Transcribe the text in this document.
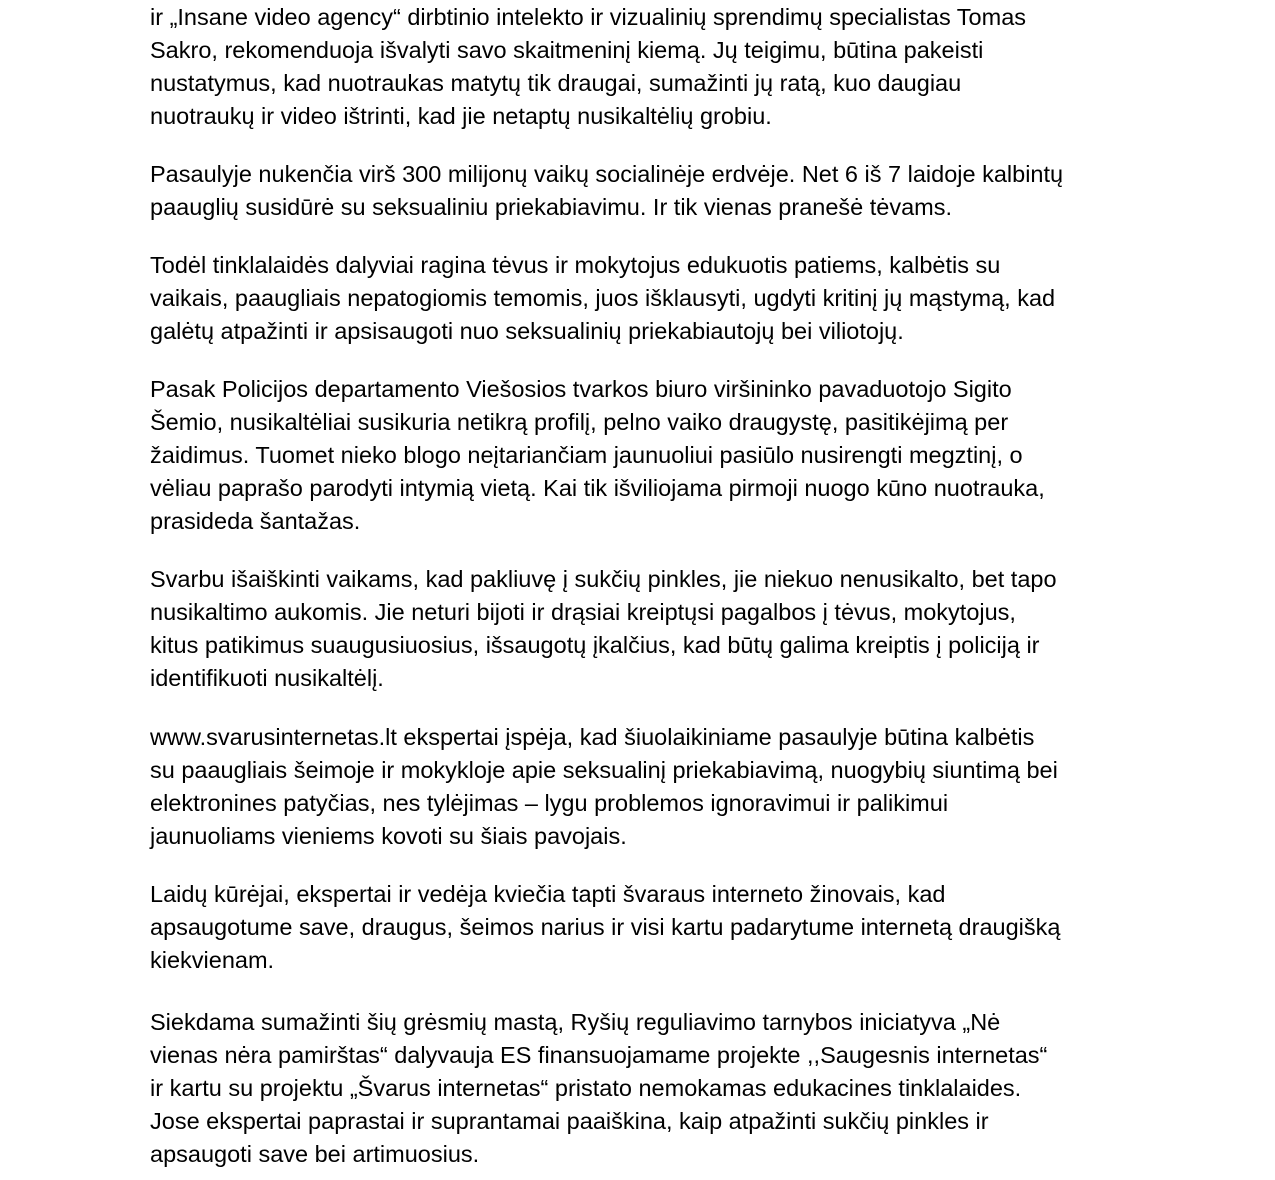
ir „Insane video agency“ dirbtinio intelekto ir vizualinių sprendimų specialistas Tomas
Sakro, rekomenduoja išvalyti savo skaitmeninį kiemą. Jų teigimu, būtina pakeisti
nustatymus, kad nuotraukas matytų tik draugai, sumažinti jų ratą, kuo daugiau
nuotraukų ir video ištrinti, kad jie netaptų nusikaltėlių grobiu.

Pasaulyje nukenčia virš 300 milijonų vaikų socialinėje erdvėje. Net 6 iš 7 laidoje kalbintų
paauglių susidūrė su seksualiniu priekabiavimu. Ir tik vienas pranešė tėvams.

Todėl tinklalaidės dalyviai ragina tėvus ir mokytojus edukuotis patiems, kalbėtis su
vaikais, paaugliais nepatogiomis temomis, juos išklausyti, ugdyti kritinį jų mąstymą, kad
galėtų atpažinti ir apsisaugoti nuo seksualinių priekabiautojų bei viliotojų.

Pasak Policijos departamento Viešosios tvarkos biuro viršininko pavaduotojo Sigito
Šemio, nusikaltėliai susikuria netikrą profilį, pelno vaiko draugystę, pasitikėjimą per
žaidimus. Tuomet nieko blogo neįtariančiam jaunuoliui pasiūlo nusirengti megztinį, o
vėliau paprašo parodyti intymią vietą. Kai tik išviliojama pirmoji nuogo kūno nuotrauka,
prasideda šantažas.

Svarbu išaiškinti vaikams, kad pakliuvę į sukčių pinkles, jie niekuo nenusikalto, bet tapo
nusikaltimo aukomis. Jie neturi bijoti ir drąsiai kreiptųsi pagalbos į tėvus, mokytojus,
kitus patikimus suaugusiuosius, išsaugotų įkalčius, kad būtų galima kreiptis į policiją ir
identifikuoti nusikaltėlį.

www.svarusinternetas.lt ekspertai įspėja, kad šiuolaikiniame pasaulyje būtina kalbėtis
su paaugliais šeimoje ir mokykloje apie seksualinį priekabiavimą, nuogybių siuntimą bei
elektronines patyčias, nes tylėjimas – lygu problemos ignoravimui ir palikimui
jaunuoliams vieniems kovoti su šiais pavojais.

Laidų kūrėjai, ekspertai ir vedėja kviečia tapti švaraus interneto žinovais, kad
apsaugotume save, draugus, šeimos narius ir visi kartu padarytume internetą draugišką
kiekvienam.

Siekdama sumažinti šių grėsmių mastą, Ryšių reguliavimo tarnybos iniciatyva „Nė
vienas nėra pamirštas“ dalyvauja ES finansuojamame projekte ,,Saugesnis internetas“
ir kartu su projektu „Švarus internetas“ pristato nemokamas edukacines tinklalaides.
Jose ekspertai paprastai ir suprantamai paaiškina, kaip atpažinti sukčių pinkles ir
apsaugoti save bei artimuosius.
